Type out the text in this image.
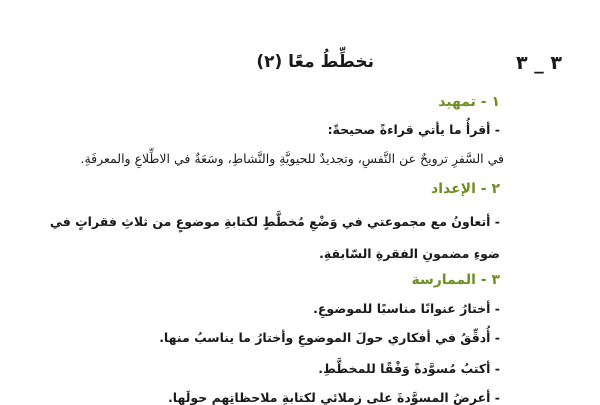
٣ _ ٣
نخطِّطُ معًا (٢)
١ - تمهيد
- أقرأُ ما يأتي قراءةً صحيحةً:
في السَّفرِ ترويحٌ عن النَّفسِ، وتجديدٌ للحيويَّةِ والنَّشاطِ، وسَعَةٌ في الاطِّلاعِ والمعرفَةِ.
٢ - الإعداد
- أتعاونُ مع مجموعتي في وَضْعِ مُخطَّطٍ لكتابةِ موضوعٍ من ثلاثِ فقراتٍ في ضوءِ مضمونِ الفقرةِ السّابقةِ.
٣ - الممارسة
- أختارُ عنوانًا مناسبًا للموضوعِ.
- أُدقِّقُ في أفكاري حولَ الموضوعِ وأختارُ ما يناسبُ منها.
- أكتبُ مُسوَّدةً وَفْقًا للمخطَّطِ.
- أعرضُ المسوَّدةَ على زملائي لكتابةِ ملاحظاتِهم حولَها.
